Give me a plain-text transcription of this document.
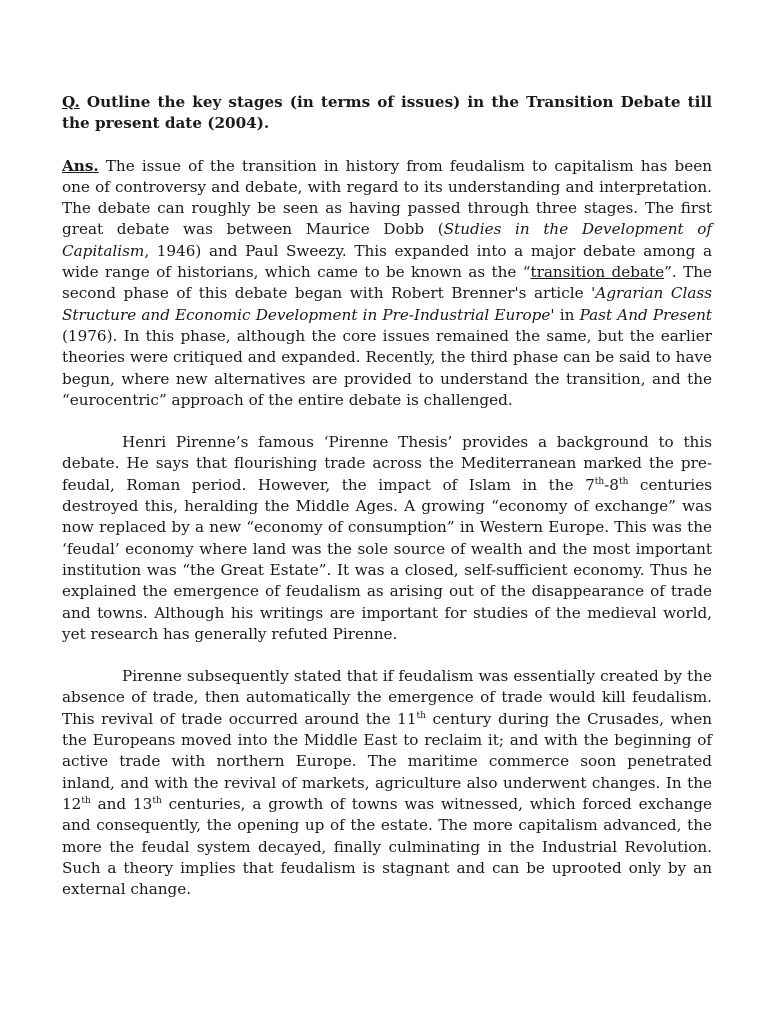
Q. Outline the key stages (in terms of issues) in the Transition Debate till the present date (2004).

Ans. The issue of the transition in history from feudalism to capitalism has been one of controversy and debate, with regard to its understanding and interpretation. The debate can roughly be seen as having passed through three stages. The first great debate was between Maurice Dobb (Studies in the Development of Capitalism, 1946) and Paul Sweezy. This expanded into a major debate among a wide range of historians, which came to be known as the “transition debate”. The second phase of this debate began with Robert Brenner's article 'Agrarian Class Structure and Economic Development in Pre-Industrial Europe' in Past And Present (1976). In this phase, although the core issues remained the same, but the earlier theories were critiqued and expanded. Recently, the third phase can be said to have begun, where new alternatives are provided to understand the transition, and the “eurocentric” approach of the entire debate is challenged.

Henri Pirenne’s famous ‘Pirenne Thesis’ provides a background to this debate. He says that flourishing trade across the Mediterranean marked the pre-feudal, Roman period. However, the impact of Islam in the 7th-8th centuries destroyed this, heralding the Middle Ages. A growing “economy of exchange” was now replaced by a new “economy of consumption” in Western Europe. This was the ‘feudal’ economy where land was the sole source of wealth and the most important institution was “the Great Estate”. It was a closed, self-sufficient economy. Thus he explained the emergence of feudalism as arising out of the disappearance of trade and towns. Although his writings are important for studies of the medieval world, yet research has generally refuted Pirenne.

Pirenne subsequently stated that if feudalism was essentially created by the absence of trade, then automatically the emergence of trade would kill feudalism. This revival of trade occurred around the 11th century during the Crusades, when the Europeans moved into the Middle East to reclaim it; and with the beginning of active trade with northern Europe. The maritime commerce soon penetrated inland, and with the revival of markets, agriculture also underwent changes. In the 12th and 13th centuries, a growth of towns was witnessed, which forced exchange and consequently, the opening up of the estate. The more capitalism advanced, the more the feudal system decayed, finally culminating in the Industrial Revolution. Such a theory implies that feudalism is stagnant and can be uprooted only by an external change.
